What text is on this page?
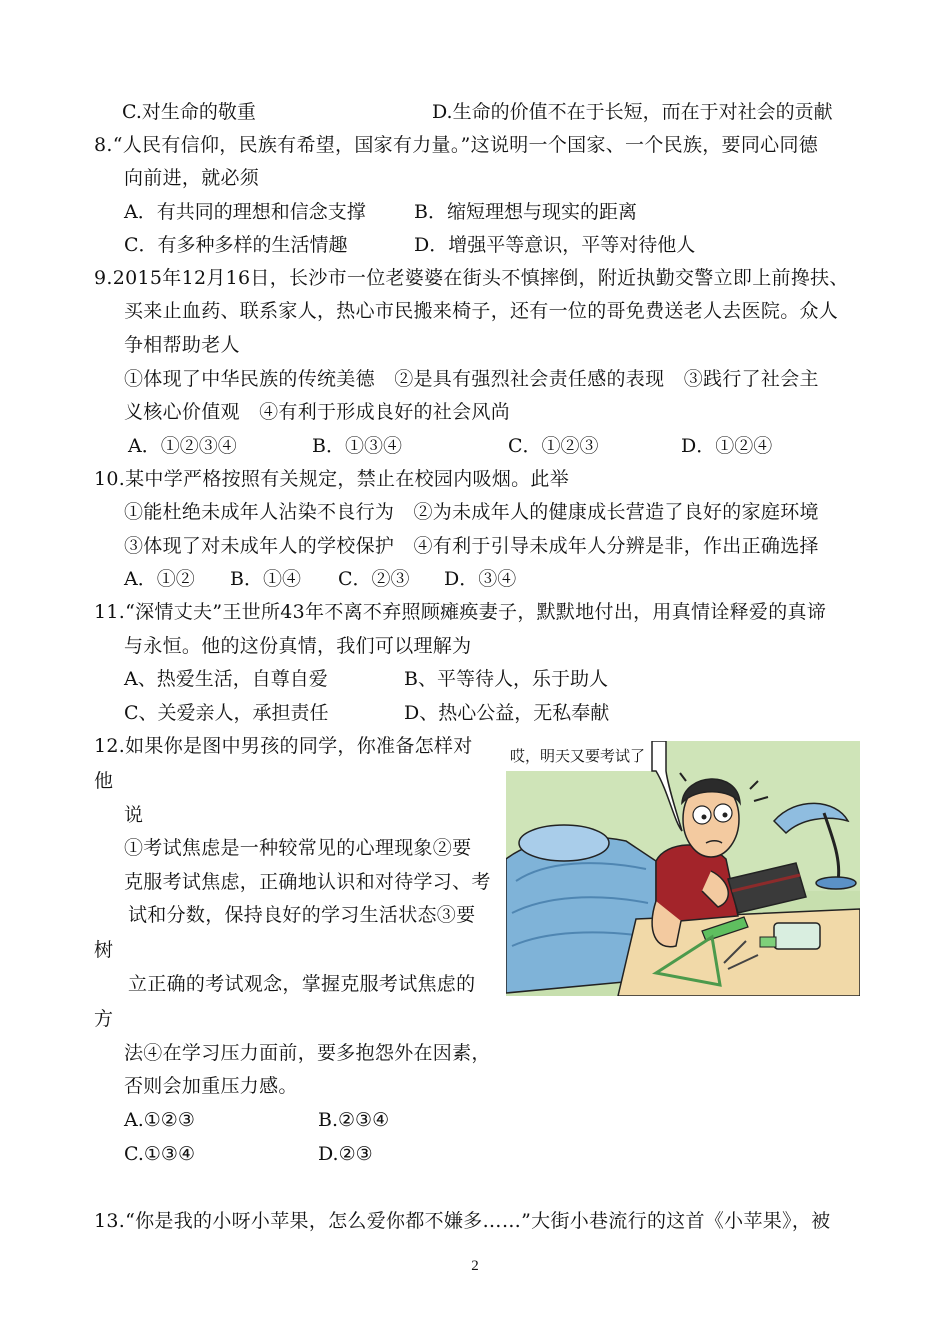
C.对生命的敬重	D.生命的价值不在于长短，而在于对社会的贡献
8.“人民有信仰，民族有希望，国家有力量。”这说明一个国家、一个民族，要同心同德
向前进，就必须
A．有共同的理想和信念支撑	B．缩短理想与现实的距离
C．有多种多样的生活情趣	D．增强平等意识，平等对待他人
9.2015年12月16日，长沙市一位老婆婆在街头不慎摔倒，附近执勤交警立即上前搀扶、
买来止血药、联系家人，热心市民搬来椅子，还有一位的哥免费送老人去医院。众人
争相帮助老人
①体现了中华民族的传统美德　②是具有强烈社会责任感的表现　③践行了社会主
义核心价值观　④有利于形成良好的社会风尚
A．①②③④	B．①③④	C．①②③	D．①②④
10.某中学严格按照有关规定，禁止在校园内吸烟。此举
①能杜绝未成年人沾染不良行为　②为未成年人的健康成长营造了良好的家庭环境
③体现了对未成年人的学校保护　④有利于引导未成年人分辨是非，作出正确选择
A．①② B．①④ C．②③ D．③④
11.“深情丈夫”王世所43年不离不弃照顾瘫痪妻子，默默地付出，用真情诠释爱的真谛
与永恒。他的这份真情，我们可以理解为
A、热爱生活，自尊自爱	B、平等待人，乐于助人
C、关爱亲人，承担责任	D、热心公益，无私奉献
12.如果你是图中男孩的同学，你准备怎样对
他
说
①考试焦虑是一种较常见的心理现象②要
克服考试焦虑，正确地认识和对待学习、考
试和分数，保持良好的学习生活状态③要
树
立正确的考试观念，掌握克服考试焦虑的
方
法④在学习压力面前，要多抱怨外在因素，
否则会加重压力感。
A.①②③	B.②③④
C.①③④	D.②③
哎，明天又要考试了
13.“你是我的小呀小苹果，怎么爱你都不嫌多……”大街小巷流行的这首《小苹果》，被
2
